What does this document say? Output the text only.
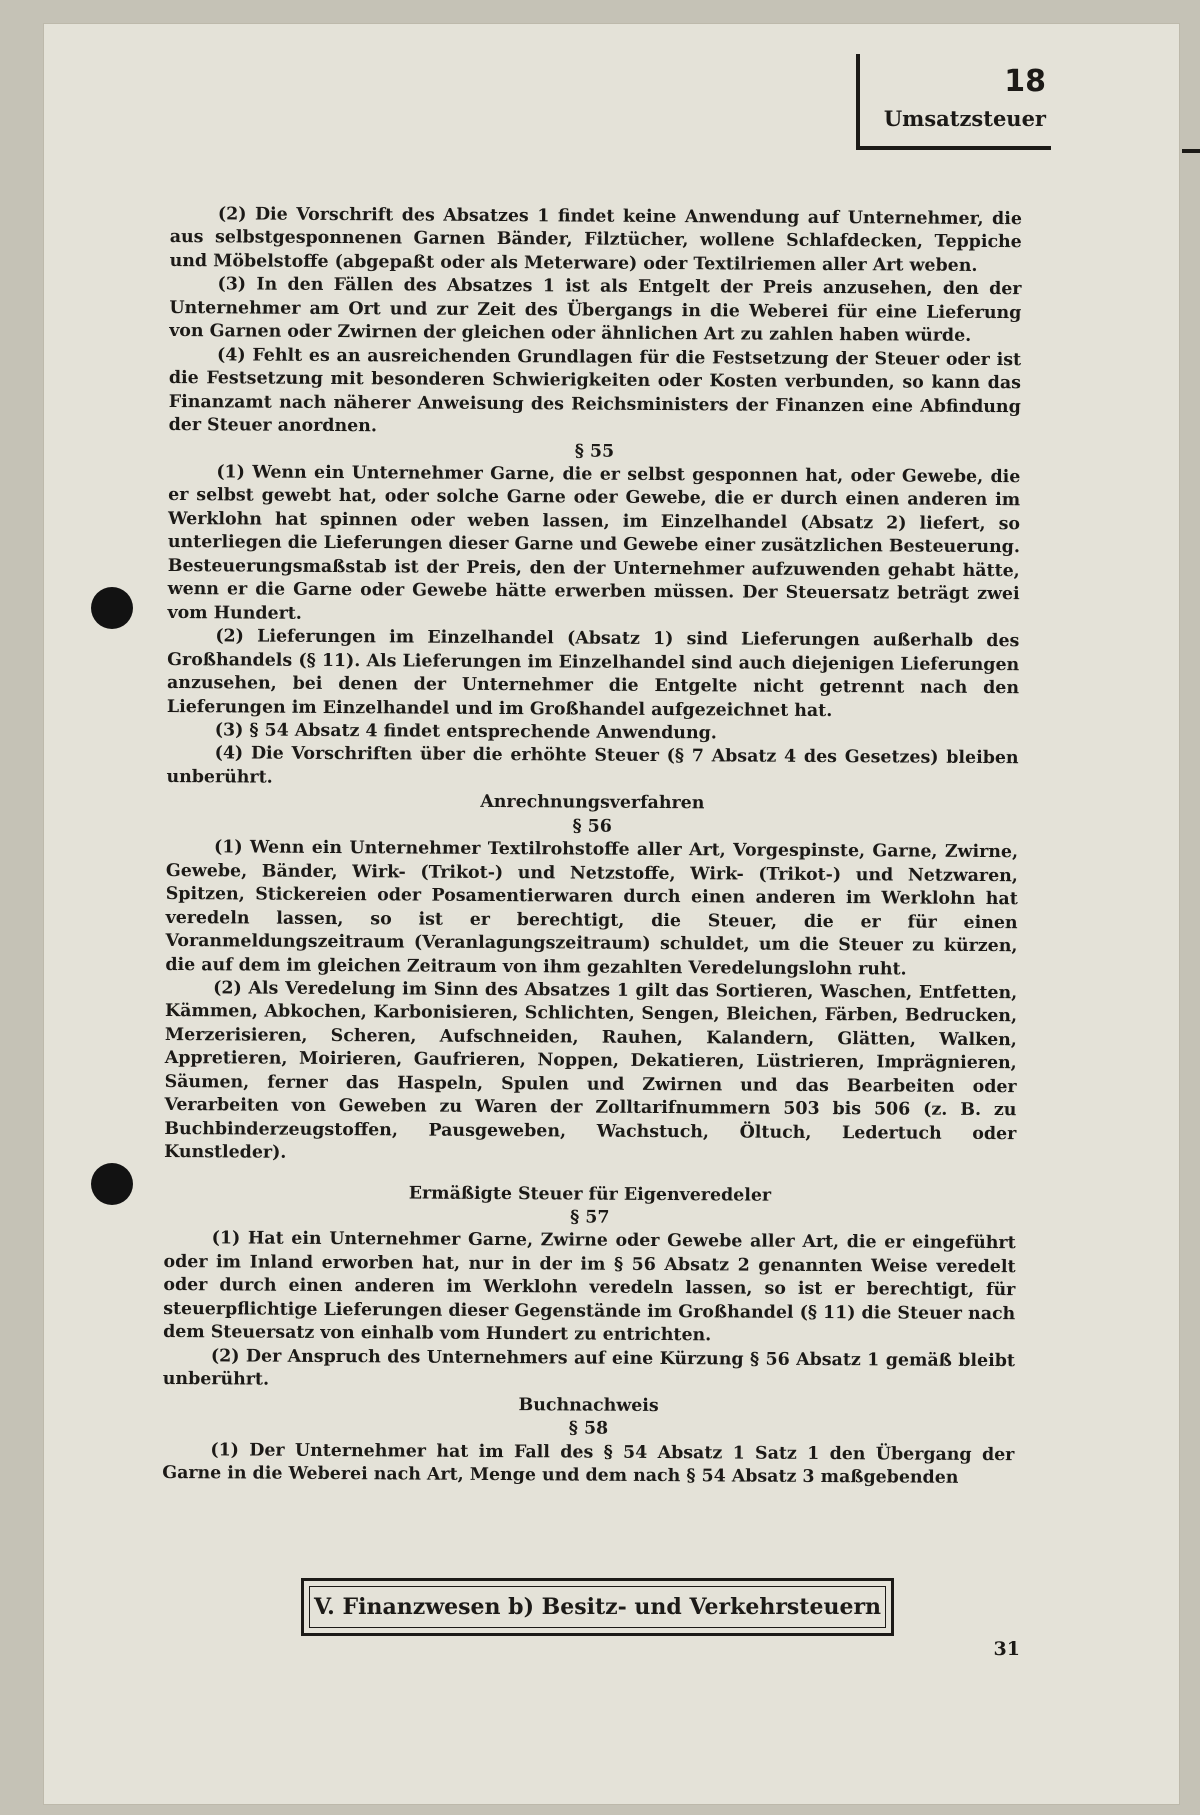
18
Umsatzsteuer

(2) Die Vorschrift des Absatzes 1 findet keine Anwendung auf Unternehmer, die aus selbstgesponnenen Garnen Bänder, Filztücher, wollene Schlafdecken, Teppiche und Möbelstoffe (abgepaßt oder als Meterware) oder Textilriemen aller Art weben.

(3) In den Fällen des Absatzes 1 ist als Entgelt der Preis anzusehen, den der Unternehmer am Ort und zur Zeit des Übergangs in die Weberei für eine Lieferung von Garnen oder Zwirnen der gleichen oder ähnlichen Art zu zahlen haben würde.

(4) Fehlt es an ausreichenden Grundlagen für die Festsetzung der Steuer oder ist die Festsetzung mit besonderen Schwierigkeiten oder Kosten verbunden, so kann das Finanzamt nach näherer Anweisung des Reichsministers der Finanzen eine Abfindung der Steuer anordnen.

§ 55

(1) Wenn ein Unternehmer Garne, die er selbst gesponnen hat, oder Gewebe, die er selbst gewebt hat, oder solche Garne oder Gewebe, die er durch einen anderen im Werklohn hat spinnen oder weben lassen, im Einzelhandel (Absatz 2) liefert, so unterliegen die Lieferungen dieser Garne und Gewebe einer zusätzlichen Besteuerung. Besteuerungsmaßstab ist der Preis, den der Unternehmer aufzuwenden gehabt hätte, wenn er die Garne oder Gewebe hätte erwerben müssen. Der Steuersatz beträgt zwei vom Hundert.

(2) Lieferungen im Einzelhandel (Absatz 1) sind Lieferungen außerhalb des Großhandels (§ 11). Als Lieferungen im Einzelhandel sind auch diejenigen Lieferungen anzusehen, bei denen der Unternehmer die Entgelte nicht getrennt nach den Lieferungen im Einzelhandel und im Großhandel aufgezeichnet hat.

(3) § 54 Absatz 4 findet entsprechende Anwendung.

(4) Die Vorschriften über die erhöhte Steuer (§ 7 Absatz 4 des Gesetzes) bleiben unberührt.

Anrechnungsverfahren

§ 56

(1) Wenn ein Unternehmer Textilrohstoffe aller Art, Vorgespinste, Garne, Zwirne, Gewebe, Bänder, Wirk- (Trikot-) und Netzstoffe, Wirk- (Trikot-) und Netzwaren, Spitzen, Stickereien oder Posamentierwaren durch einen anderen im Werklohn hat veredeln lassen, so ist er berechtigt, die Steuer, die er für einen Voranmeldungszeitraum (Veranlagungszeitraum) schuldet, um die Steuer zu kürzen, die auf dem im gleichen Zeitraum von ihm gezahlten Veredelungslohn ruht.

(2) Als Veredelung im Sinn des Absatzes 1 gilt das Sortieren, Waschen, Entfetten, Kämmen, Abkochen, Karbonisieren, Schlichten, Sengen, Bleichen, Färben, Bedrucken, Merzerisieren, Scheren, Aufschneiden, Rauhen, Kalandern, Glätten, Walken, Appretieren, Moirieren, Gaufrieren, Noppen, Dekatieren, Lüstrieren, Imprägnieren, Säumen, ferner das Haspeln, Spulen und Zwirnen und das Bearbeiten oder Verarbeiten von Geweben zu Waren der Zolltarifnummern 503 bis 506 (z. B. zu Buchbinderzeugstoffen, Pausgeweben, Wachstuch, Öltuch, Ledertuch oder Kunstleder).

Ermäßigte Steuer für Eigenveredeler

§ 57

(1) Hat ein Unternehmer Garne, Zwirne oder Gewebe aller Art, die er eingeführt oder im Inland erworben hat, nur in der im § 56 Absatz 2 genannten Weise veredelt oder durch einen anderen im Werklohn veredeln lassen, so ist er berechtigt, für steuerpflichtige Lieferungen dieser Gegenstände im Großhandel (§ 11) die Steuer nach dem Steuersatz von einhalb vom Hundert zu entrichten.

(2) Der Anspruch des Unternehmers auf eine Kürzung § 56 Absatz 1 gemäß bleibt unberührt.

Buchnachweis

§ 58

(1) Der Unternehmer hat im Fall des § 54 Absatz 1 Satz 1 den Übergang der Garne in die Weberei nach Art, Menge und dem nach § 54 Absatz 3 maßgebenden

V. Finanzwesen b) Besitz- und Verkehrsteuern
31
